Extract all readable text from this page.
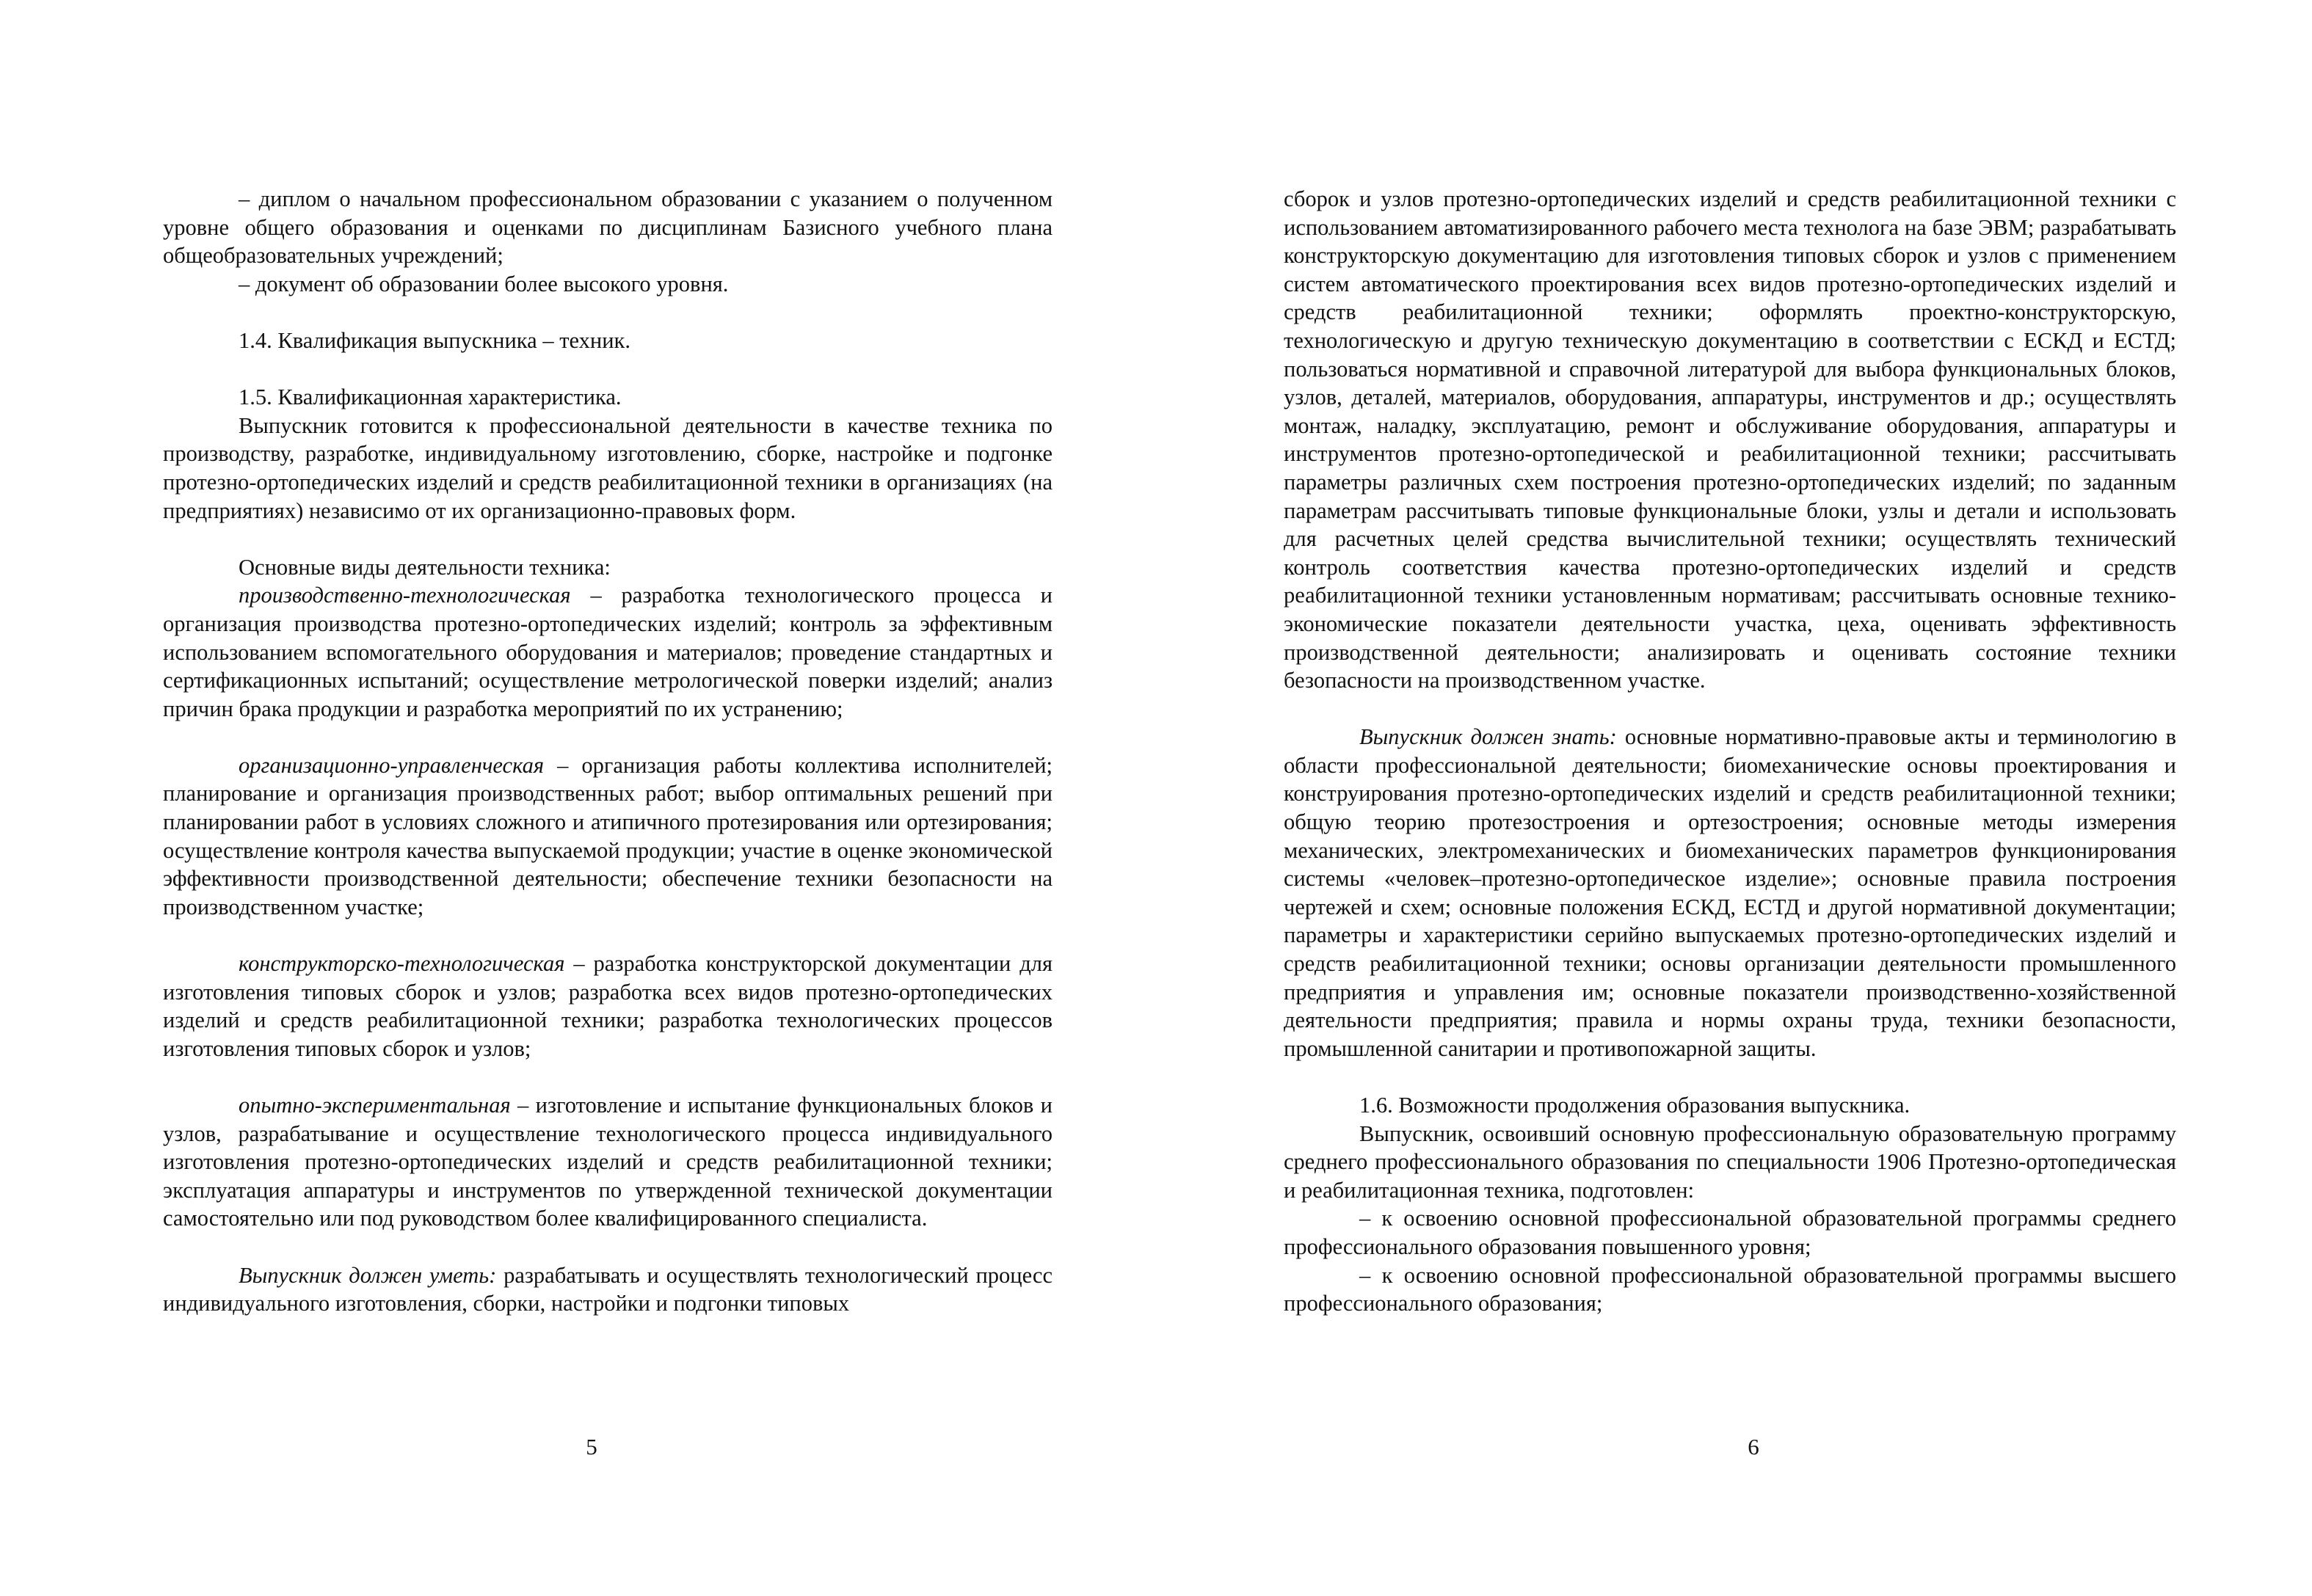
– диплом о начальном профессиональном образовании с указанием о полученном уровне общего образования и оценками по дисциплинам Базисного учебного плана общеобразовательных учреждений;

– документ об образовании более высокого уровня.

1.4. Квалификация выпускника – техник.

1.5. Квалификационная характеристика.

Выпускник готовится к профессиональной деятельности в качестве техника по производству, разработке, индивидуальному изготовлению, сборке, настройке и подгонке протезно-ортопедических изделий и средств реабилитационной техники в организациях (на предприятиях) независимо от их организационно-правовых форм.

Основные виды деятельности техника:

производственно-технологическая – разработка технологического процесса и организация производства протезно-ортопедических изделий; контроль за эффективным использованием вспомогательного оборудования и материалов; проведение стандартных и сертификационных испытаний; осуществление метрологической поверки изделий; анализ причин брака продукции и разработка мероприятий по их устранению;

организационно-управленческая – организация работы коллектива исполнителей; планирование и организация производственных работ; выбор оптимальных решений при планировании работ в условиях сложного и атипичного протезирования или ортезирования; осуществление контроля качества выпускаемой продукции; участие в оценке экономической эффективности производственной деятельности; обеспечение техники безопасности на производственном участке;

конструкторско-технологическая – разработка конструкторской документации для изготовления типовых сборок и узлов; разработка всех видов протезно-ортопедических изделий и средств реабилитационной техники; разработка технологических процессов изготовления типовых сборок и узлов;

опытно-экспериментальная – изготовление и испытание функциональных блоков и узлов, разрабатывание и осуществление технологического процесса индивидуального изготовления протезно-ортопедических изделий и средств реабилитационной техники; эксплуатация аппаратуры и инструментов по утвержденной технической документации самостоятельно или под руководством более квалифицированного специалиста.

Выпускник должен уметь: разрабатывать и осуществлять технологический процесс индивидуального изготовления, сборки, настройки и подгонки типовых

5

сборок и узлов протезно-ортопедических изделий и средств реабилитационной техники с использованием автоматизированного рабочего места технолога на базе ЭВМ; разрабатывать конструкторскую документацию для изготовления типовых сборок и узлов с применением систем автоматического проектирования всех видов протезно-ортопедических изделий и средств реабилитационной техники; оформлять проектно-конструкторскую, технологическую и другую техническую документацию в соответствии с ЕСКД и ЕСТД; пользоваться нормативной и справочной литературой для выбора функциональных блоков, узлов, деталей, материалов, оборудования, аппаратуры, инструментов и др.; осуществлять монтаж, наладку, эксплуатацию, ремонт и обслуживание оборудования, аппаратуры и инструментов протезно-ортопедической и реабилитационной техники; рассчитывать параметры различных схем построения протезно-ортопедических изделий; по заданным параметрам рассчитывать типовые функциональные блоки, узлы и детали и использовать для расчетных целей средства вычислительной техники; осуществлять технический контроль соответствия качества протезно-ортопедических изделий и средств реабилитационной техники установленным нормативам; рассчитывать основные технико-экономические показатели деятельности участка, цеха, оценивать эффективность производственной деятельности; анализировать и оценивать состояние техники безопасности на производственном участке.

Выпускник должен знать: основные нормативно-правовые акты и терминологию в области профессиональной деятельности; биомеханические основы проектирования и конструирования протезно-ортопедических изделий и средств реабилитационной техники; общую теорию протезостроения и ортезостроения; основные методы измерения механических, электромеханических и биомеханических параметров функционирования системы «человек–протезно-ортопедическое изделие»; основные правила построения чертежей и схем; основные положения ЕСКД, ЕСТД и другой нормативной документации; параметры и характеристики серийно выпускаемых протезно-ортопедических изделий и средств реабилитационной техники; основы организации деятельности промышленного предприятия и управления им; основные показатели производственно-хозяйственной деятельности предприятия; правила и нормы охраны труда, техники безопасности, промышленной санитарии и противопожарной защиты.

1.6. Возможности продолжения образования выпускника.

Выпускник, освоивший основную профессиональную образовательную программу среднего профессионального образования по специальности 1906 Протезно-ортопедическая и реабилитационная техника, подготовлен:

– к освоению основной профессиональной образовательной программы среднего профессионального образования повышенного уровня;

– к освоению основной профессиональной образовательной программы высшего профессионального образования;

6
